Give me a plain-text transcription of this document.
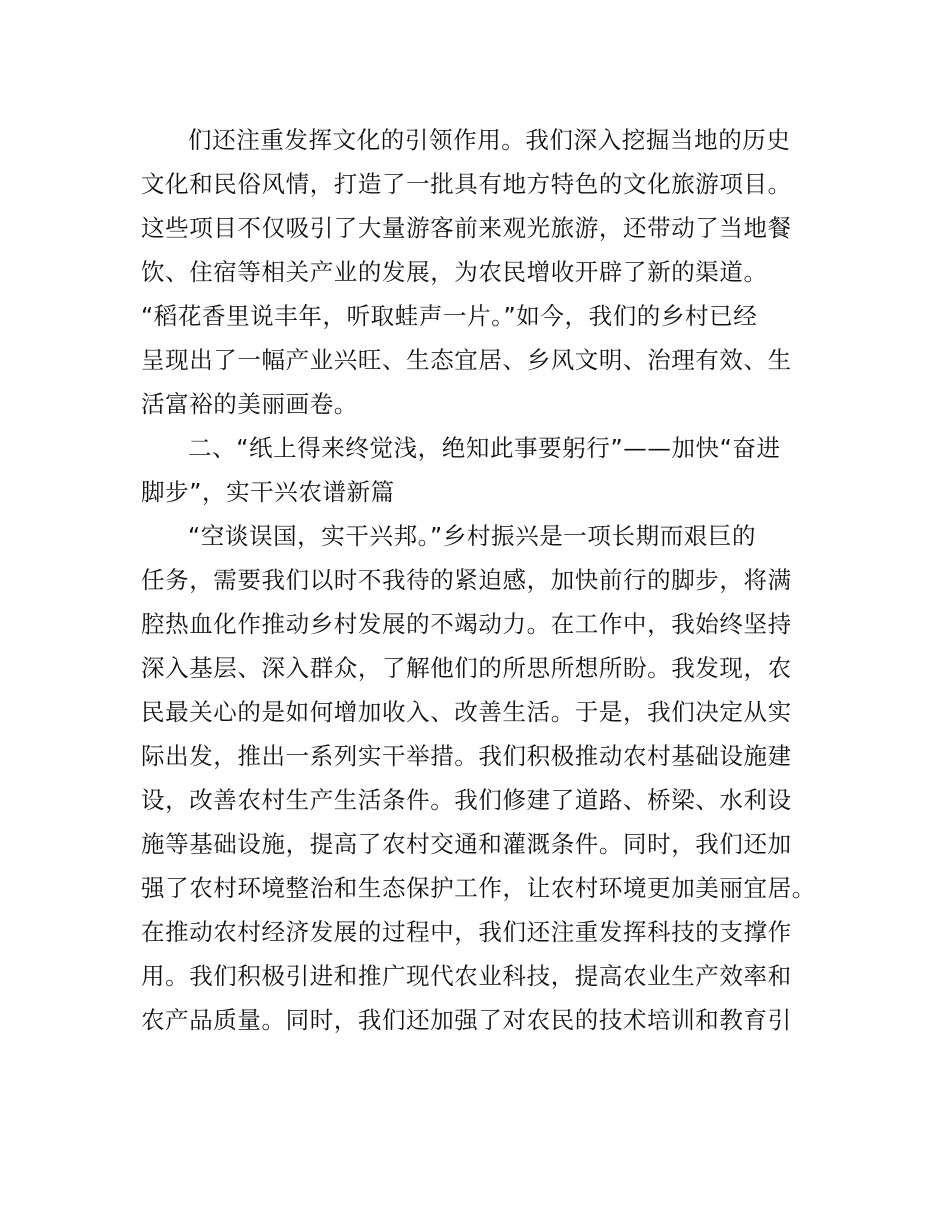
们还注重发挥文化的引领作用。我们深入挖掘当地的历史
文化和民俗风情，打造了一批具有地方特色的文化旅游项目。
这些项目不仅吸引了大量游客前来观光旅游，还带动了当地餐
饮、住宿等相关产业的发展，为农民增收开辟了新的渠道。
“稻花香里说丰年，听取蛙声一片。”如今，我们的乡村已经
呈现出了一幅产业兴旺、生态宜居、乡风文明、治理有效、生
活富裕的美丽画卷。
二、“纸上得来终觉浅，绝知此事要躬行”——加快“奋进
脚步”，实干兴农谱新篇
“空谈误国，实干兴邦。”乡村振兴是一项长期而艰巨的
任务，需要我们以时不我待的紧迫感，加快前行的脚步，将满
腔热血化作推动乡村发展的不竭动力。在工作中，我始终坚持
深入基层、深入群众，了解他们的所思所想所盼。我发现，农
民最关心的是如何增加收入、改善生活。于是，我们决定从实
际出发，推出一系列实干举措。我们积极推动农村基础设施建
设，改善农村生产生活条件。我们修建了道路、桥梁、水利设
施等基础设施，提高了农村交通和灌溉条件。同时，我们还加
强了农村环境整治和生态保护工作，让农村环境更加美丽宜居。
在推动农村经济发展的过程中，我们还注重发挥科技的支撑作
用。我们积极引进和推广现代农业科技，提高农业生产效率和
农产品质量。同时，我们还加强了对农民的技术培训和教育引
